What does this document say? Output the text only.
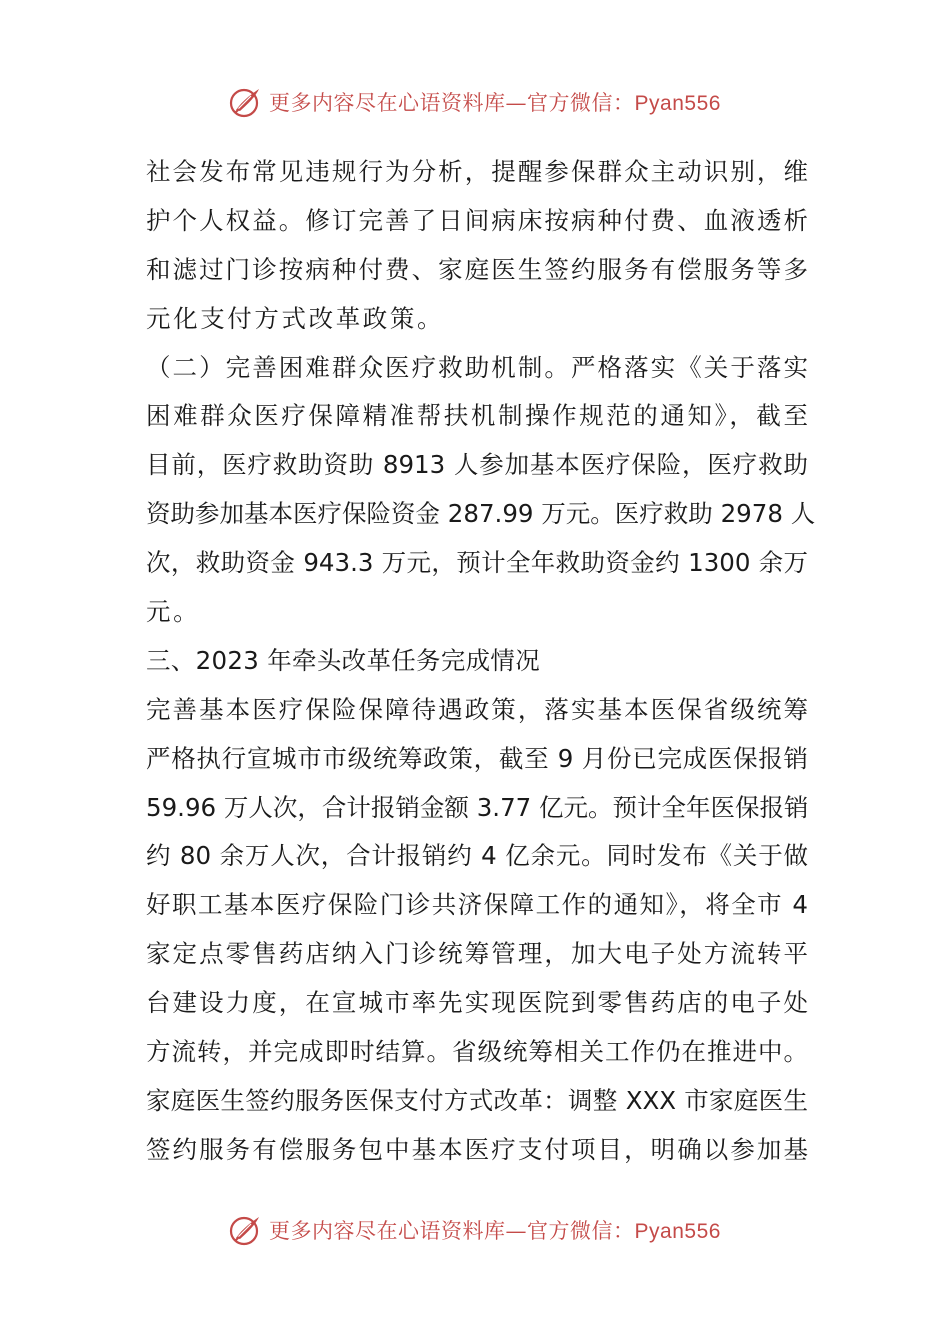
更多内容尽在心语资料库—官方微信：Pyan556
社会发布常见违规行为分析，提醒参保群众主动识别，维
护个人权益。修订完善了日间病床按病种付费、血液透析
和滤过门诊按病种付费、家庭医生签约服务有偿服务等多
元化支付方式改革政策。
（二）完善困难群众医疗救助机制。严格落实《关于落实
困难群众医疗保障精准帮扶机制操作规范的通知》，截至
目前，医疗救助资助 8913 人参加基本医疗保险，医疗救助
资助参加基本医疗保险资金 287.99 万元。医疗救助 2978 人
次，救助资金 943.3 万元，预计全年救助资金约 1300 余万
元。
三、2023 年牵头改革任务完成情况
完善基本医疗保险保障待遇政策，落实基本医保省级统筹
严格执行宣城市市级统筹政策，截至 9 月份已完成医保报销
59.96 万人次，合计报销金额 3.77 亿元。预计全年医保报销
约 80 余万人次，合计报销约 4 亿余元。同时发布《关于做
好职工基本医疗保险门诊共济保障工作的通知》，将全市 4
家定点零售药店纳入门诊统筹管理，加大电子处方流转平
台建设力度，在宣城市率先实现医院到零售药店的电子处
方流转，并完成即时结算。省级统筹相关工作仍在推进中。
家庭医生签约服务医保支付方式改革：调整 XXX 市家庭医生
签约服务有偿服务包中基本医疗支付项目，明确以参加基
更多内容尽在心语资料库—官方微信：Pyan556
